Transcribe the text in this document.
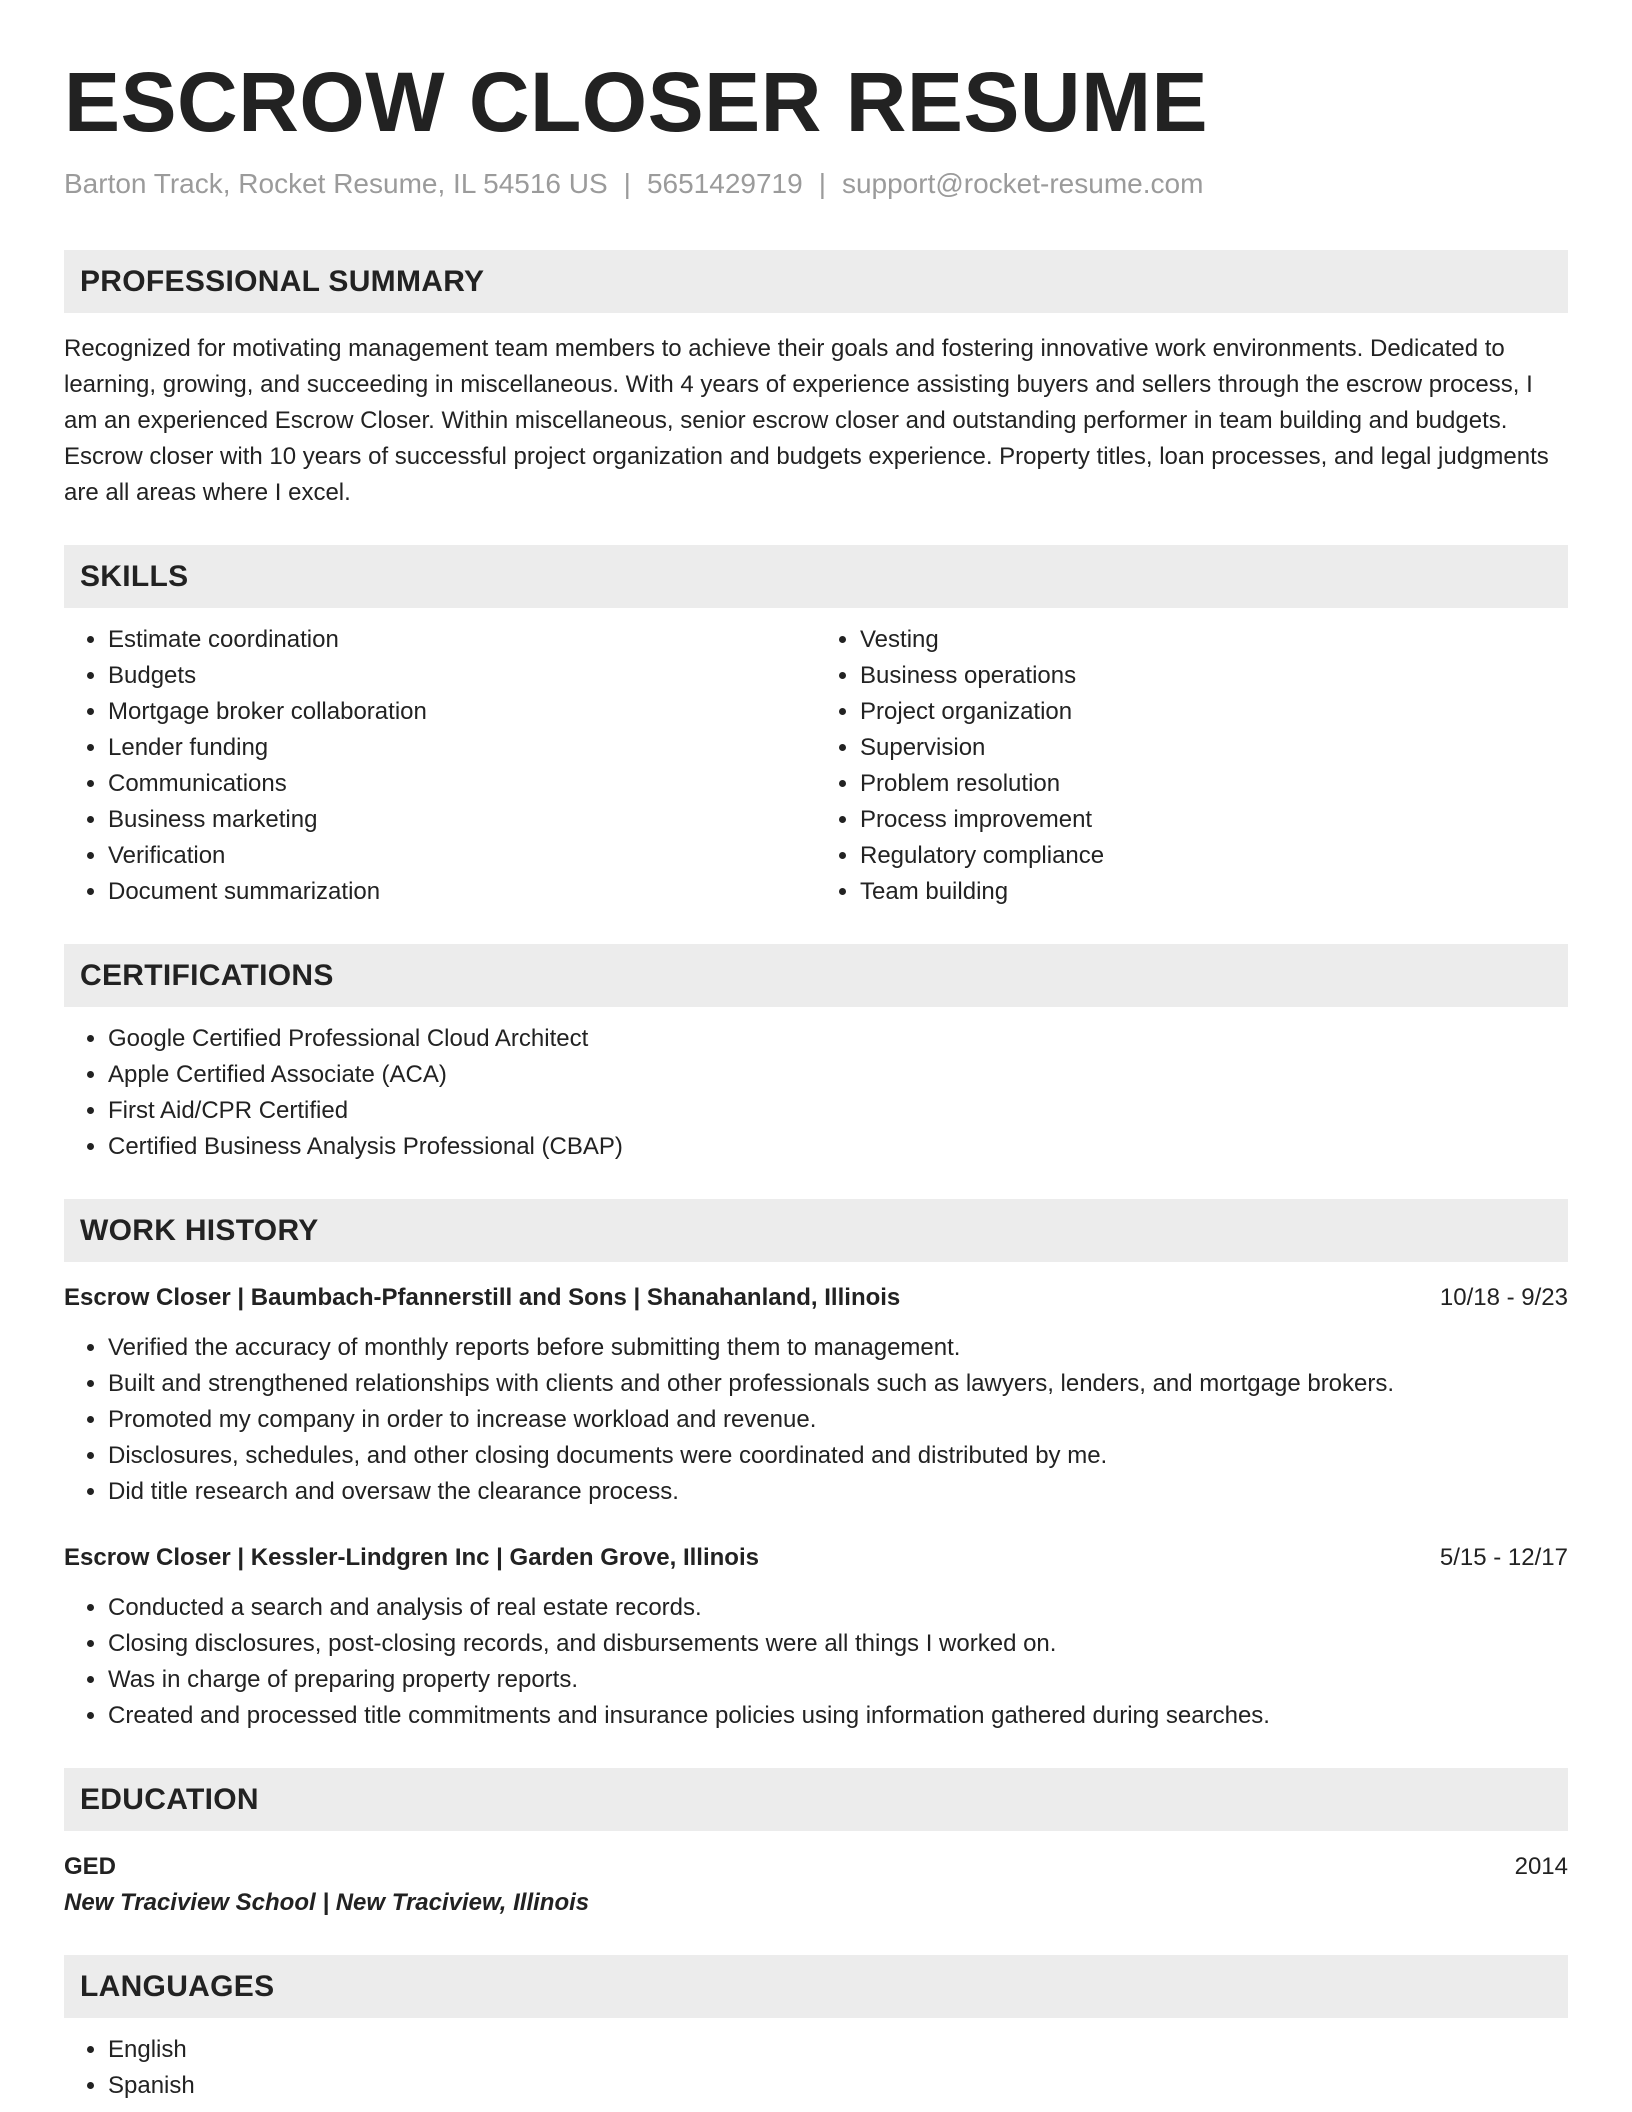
ESCROW CLOSER RESUME
Barton Track, Rocket Resume, IL 54516 US | 5651429719 | support@rocket-resume.com
PROFESSIONAL SUMMARY
Recognized for motivating management team members to achieve their goals and fostering innovative work environments. Dedicated to learning, growing, and succeeding in miscellaneous. With 4 years of experience assisting buyers and sellers through the escrow process, I am an experienced Escrow Closer. Within miscellaneous, senior escrow closer and outstanding performer in team building and budgets. Escrow closer with 10 years of successful project organization and budgets experience. Property titles, loan processes, and legal judgments are all areas where I excel.
SKILLS
• Estimate coordination
• Budgets
• Mortgage broker collaboration
• Lender funding
• Communications
• Business marketing
• Verification
• Document summarization
• Vesting
• Business operations
• Project organization
• Supervision
• Problem resolution
• Process improvement
• Regulatory compliance
• Team building
CERTIFICATIONS
• Google Certified Professional Cloud Architect
• Apple Certified Associate (ACA)
• First Aid/CPR Certified
• Certified Business Analysis Professional (CBAP)
WORK HISTORY
Escrow Closer | Baumbach-Pfannerstill and Sons | Shanahanland, Illinois	10/18 - 9/23
• Verified the accuracy of monthly reports before submitting them to management.
• Built and strengthened relationships with clients and other professionals such as lawyers, lenders, and mortgage brokers.
• Promoted my company in order to increase workload and revenue.
• Disclosures, schedules, and other closing documents were coordinated and distributed by me.
• Did title research and oversaw the clearance process.
Escrow Closer | Kessler-Lindgren Inc | Garden Grove, Illinois	5/15 - 12/17
• Conducted a search and analysis of real estate records.
• Closing disclosures, post-closing records, and disbursements were all things I worked on.
• Was in charge of preparing property reports.
• Created and processed title commitments and insurance policies using information gathered during searches.
EDUCATION
GED	2014
New Traciview School | New Traciview, Illinois
LANGUAGES
• English
• Spanish
